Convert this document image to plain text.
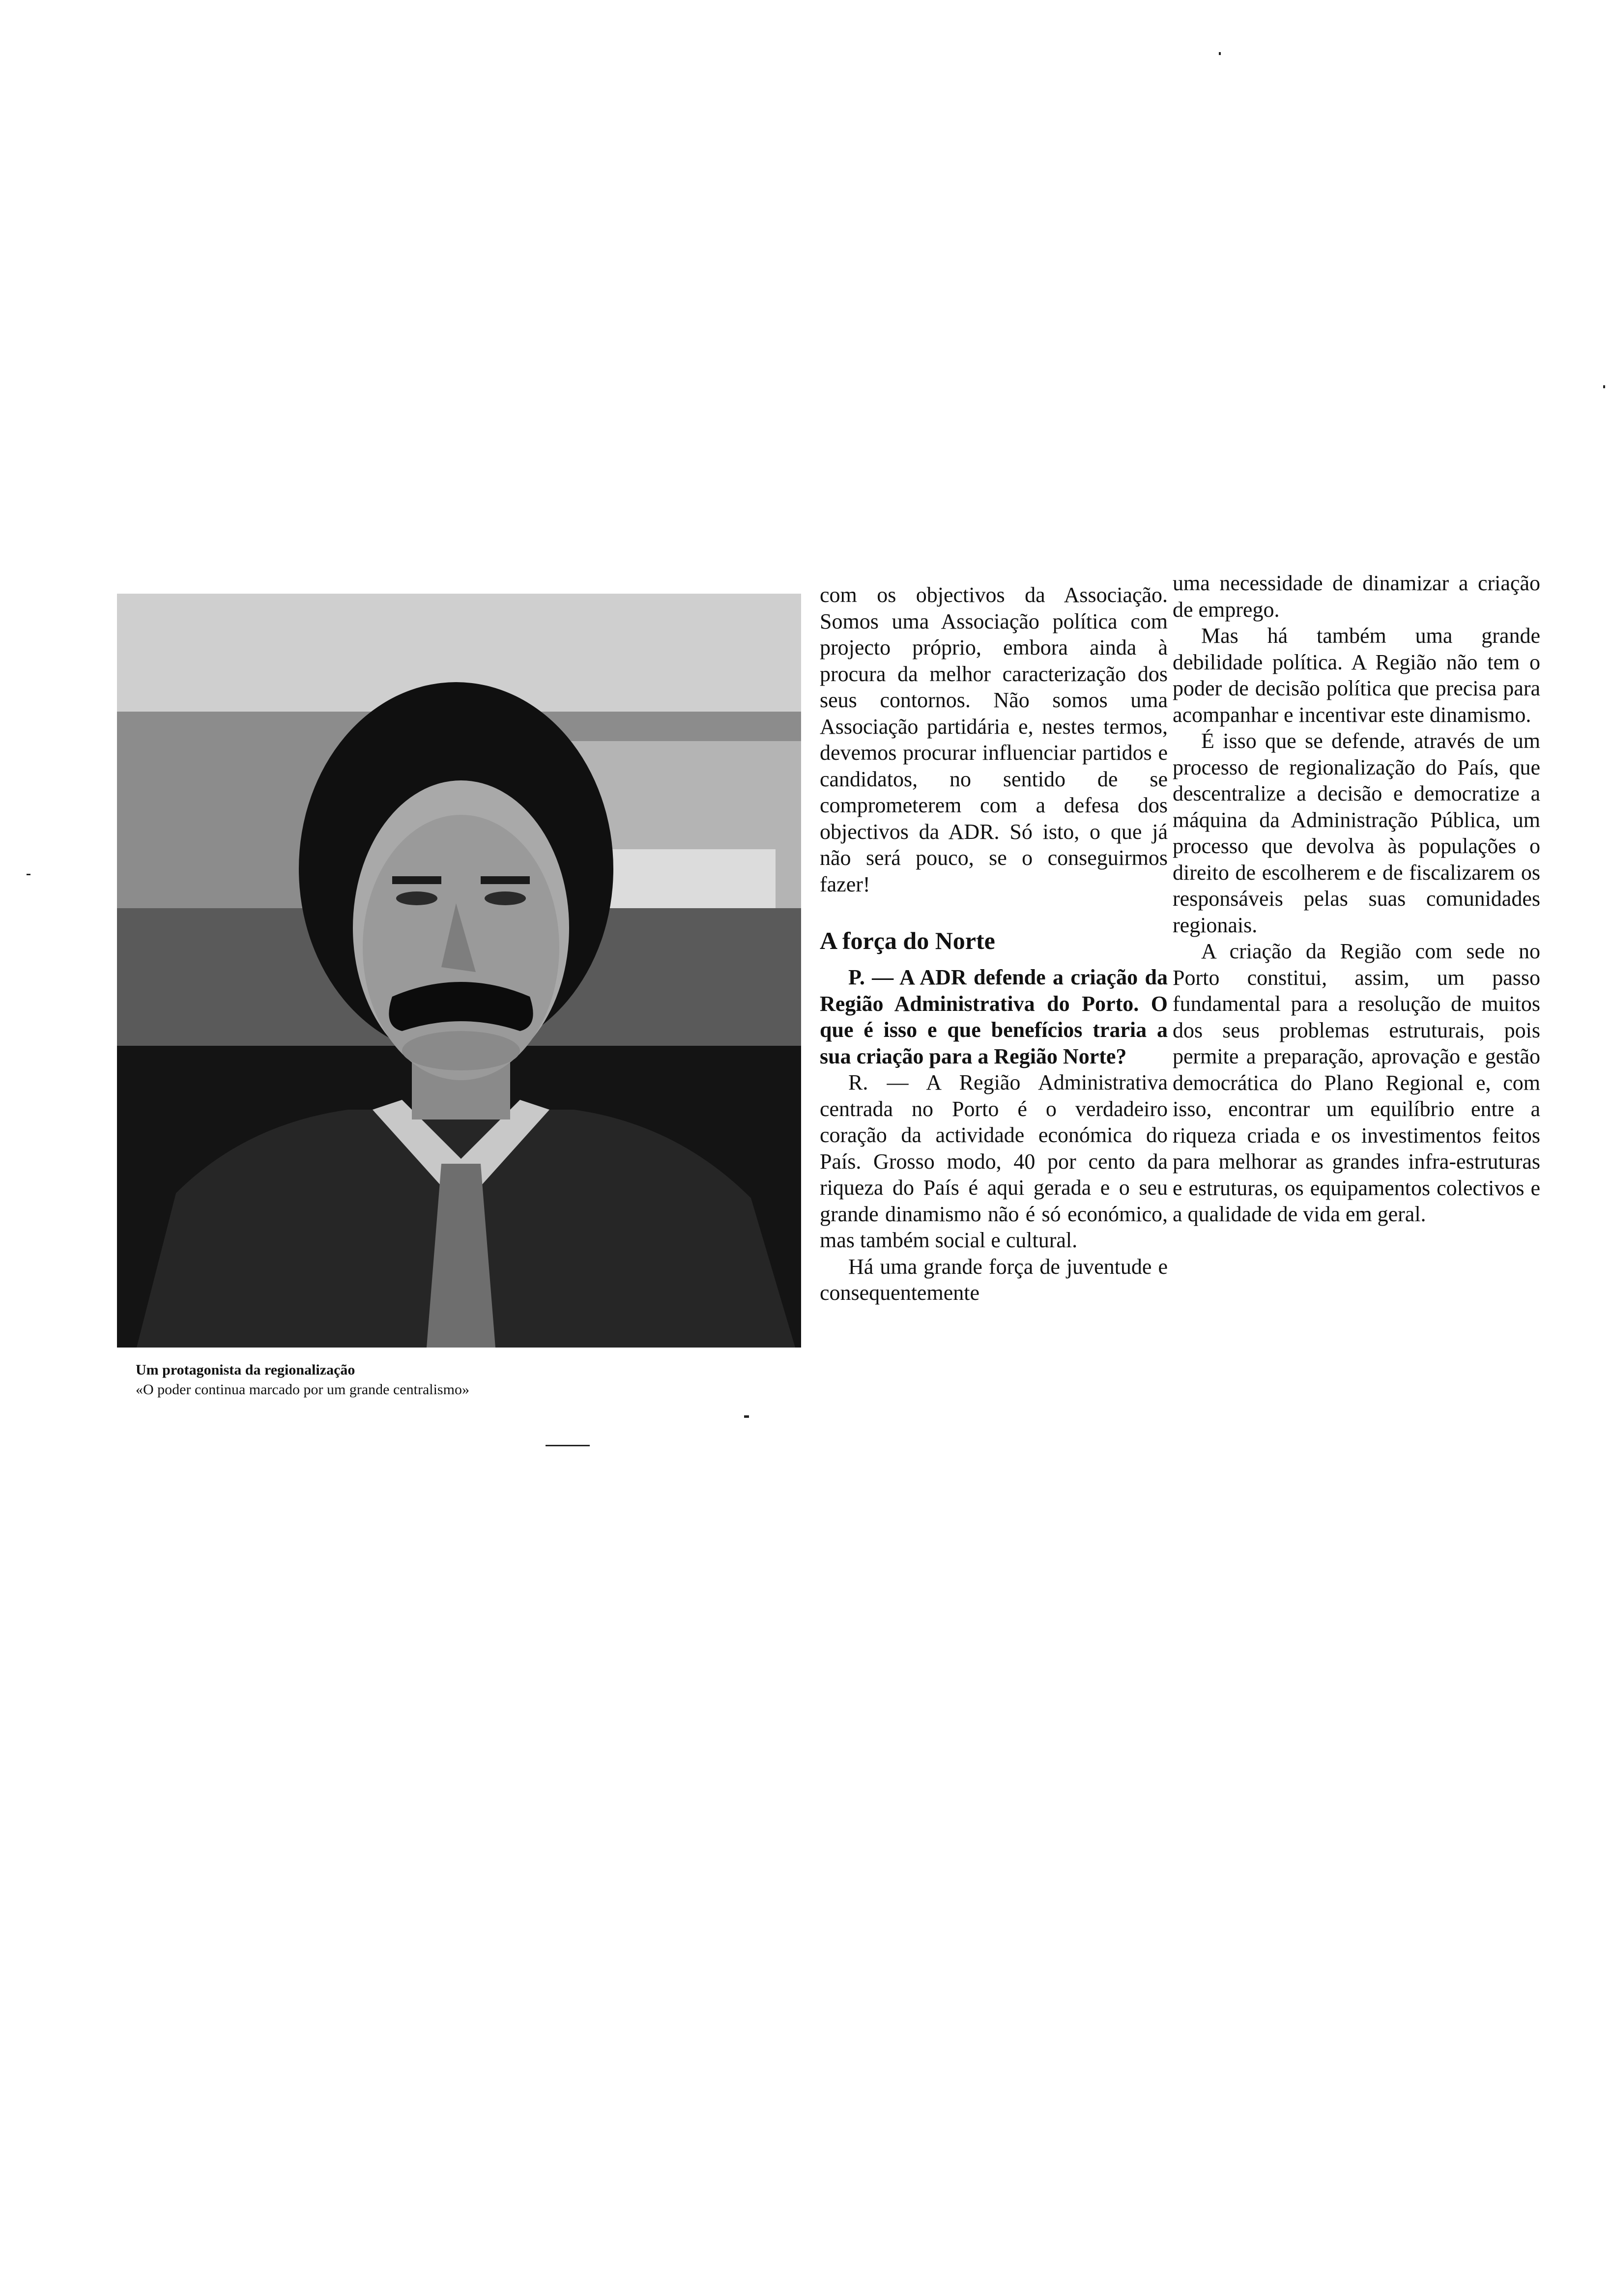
Um protagonista da regionalização
«O poder continua marcado por um grande centralismo»

com os objectivos da Associação. Somos uma Associação política com projecto próprio, embora ainda à procura da melhor caracterização dos seus contornos. Não somos uma Associação partidária e, nestes termos, devemos procurar influenciar partidos e candidatos, no sentido de se comprometerem com a defesa dos objectivos da ADR. Só isto, o que já não será pouco, se o conseguirmos fazer!

A força do Norte

P. — A ADR defende a criação da Região Administrativa do Porto. O que é isso e que benefícios traria a sua criação para a Região Norte?

R. — A Região Administrativa centrada no Porto é o verdadeiro coração da actividade económica do País. Grosso modo, 40 por cento da riqueza do País é aqui gerada e o seu grande dinamismo não é só económico, mas também social e cultural.

Há uma grande força de juventude e consequentemente

uma necessidade de dinamizar a criação de emprego.

Mas há também uma grande debilidade política. A Região não tem o poder de decisão política que precisa para acompanhar e incentivar este dinamismo.

É isso que se defende, através de um processo de regionalização do País, que descentralize a decisão e democratize a máquina da Administração Pública, um processo que devolva às populações o direito de escolherem e de fiscalizarem os responsáveis pelas suas comunidades regionais.

A criação da Região com sede no Porto constitui, assim, um passo fundamental para a resolução de muitos dos seus problemas estruturais, pois permite a preparação, aprovação e gestão democrática do Plano Regional e, com isso, encontrar um equilíbrio entre a riqueza criada e os investimentos feitos para melhorar as grandes infra-estruturas e estruturas, os equipamentos colectivos e a qualidade de vida em geral.
